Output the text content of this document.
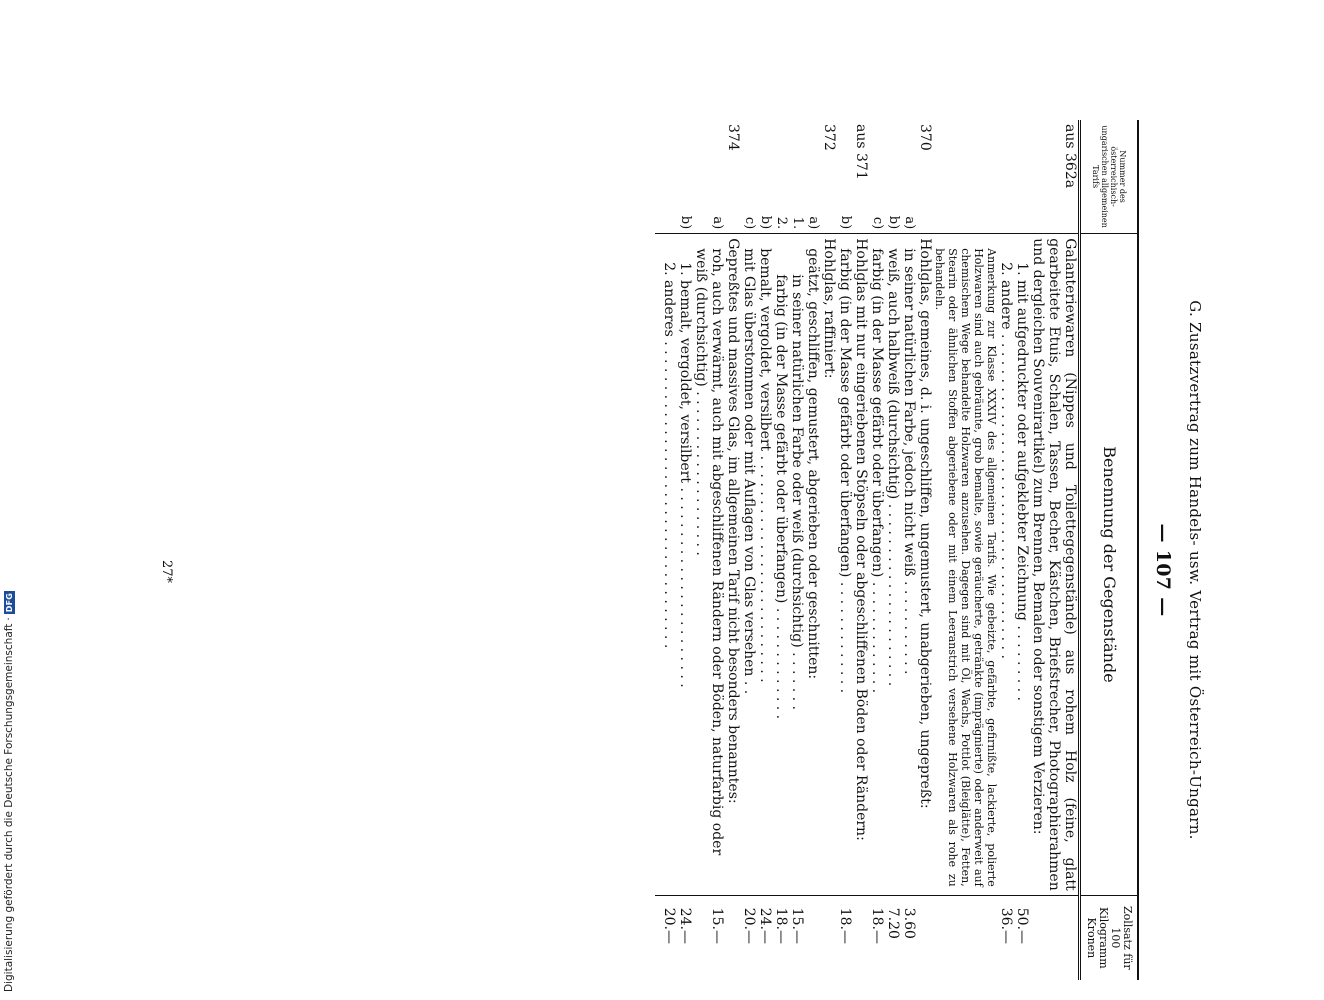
G. Zusatzvertrag zum Handels- usw. Vertrag mit Österreich-Ungarn.
— 107 —
Nummer des österreichisch-ungarischen allgemeinen Tarifs	Benennung der Gegenstände	Zollsatz für 100 Kilogramm Kronen
aus 362a	Galanteriewaren (Nippes und Toilettegegenstände) aus rohem Holz (feine, glatt gearbeitete Etuis, Schalen, Tassen, Becher, Kästchen, Briefstrecher, Photographierahmen und dergleichen Souvenirartikel) zum Brennen, Bemalen oder sonstigem Verzieren:	
	1. mit aufgedruckter oder aufgeklebter Zeichnung . . . . . . . . .	50.—
	2. andere . . . . . . . . . . . . . . . . . . . . . . . . . . . . . . . . . . . . .	36.—
	Anmerkung zur Klasse XXXIV des allgemeinen Tarifs. Wie gebeizte, gefärbte, gefirnißte, lackierte, polierte Holzwaren sind auch gebräunte, grob bemalte, sowie geräucherte, getränkte (imprägnierte) oder anderweit auf chemischem Wege behandelte Holzwaren anzusehen. Dagegen sind mit Öl, Wachs, Pottlot (Bleiglätte), Fetten, Stearin oder ähnlichen Stoffen abgeriebene oder mit einem Leeranstrich versehene Holzwaren als rohe zu behandeln.	
370	Hohlglas, gemeines, d. i. ungeschliffen, ungemustert, unabgerieben, ungepreßt:	
a)	in seiner natürlichen Farbe, jedoch nicht weiß . . . . . . . . . . .	3.60
b)	weiß, auch halbweiß (durchsichtig) . . . . . . . . . . . . . . . . . . . . .	7.20
c)	farbig (in der Masse gefärbt oder überfangen) . . . . . . . . . . . . .	18.—
aus 371	Hohlglas mit nur eingeriebenen Stöpseln oder abgeschliffenen Böden oder Rändern:	
b)	farbig (in der Masse gefärbt oder überfangen) . . . . . . . . . . . . .	18.—
372	Hohlglas, raffiniert:	
a)	geätzt, geschliffen, gemustert, abgerieben oder geschnitten:	
1.	in seiner natürlichen Farbe oder weiß (durchsichtig) . . . . . . .	15.—
2.	farbig (in der Masse gefärbt oder überfangen) . . . . . . . . . . . . .	18.—
b)	bemalt, vergoldet, versilbert . . . . . . . . . . . . . . . . . . . . . . . . . .	24.—
c)	mit Glas überstommen oder mit Auflagen von Glas versehen . .	20.—
374	Gepreßtes und massives Glas, im allgemeinen Tarif nicht besonders benanntes:	
a)	roh, auch verwärmt, auch mit abgeschliffenen Rändern oder Böden, naturfarbig oder weiß (durchsichtig) . . . . . . . . . . . . . . . . . . .	15.—
b)	1. bemalt, vergoldet, versilbert . . . . . . . . . . . . . . . . . . . . . . .	24.—
	2. anderes . . . . . . . . . . . . . . . . . . . . . . . . . . . . . . . . . . .	20.—
27*
Digitalisierung gefördert durch die Deutsche Forschungsgemeinschaft
·
DFG
